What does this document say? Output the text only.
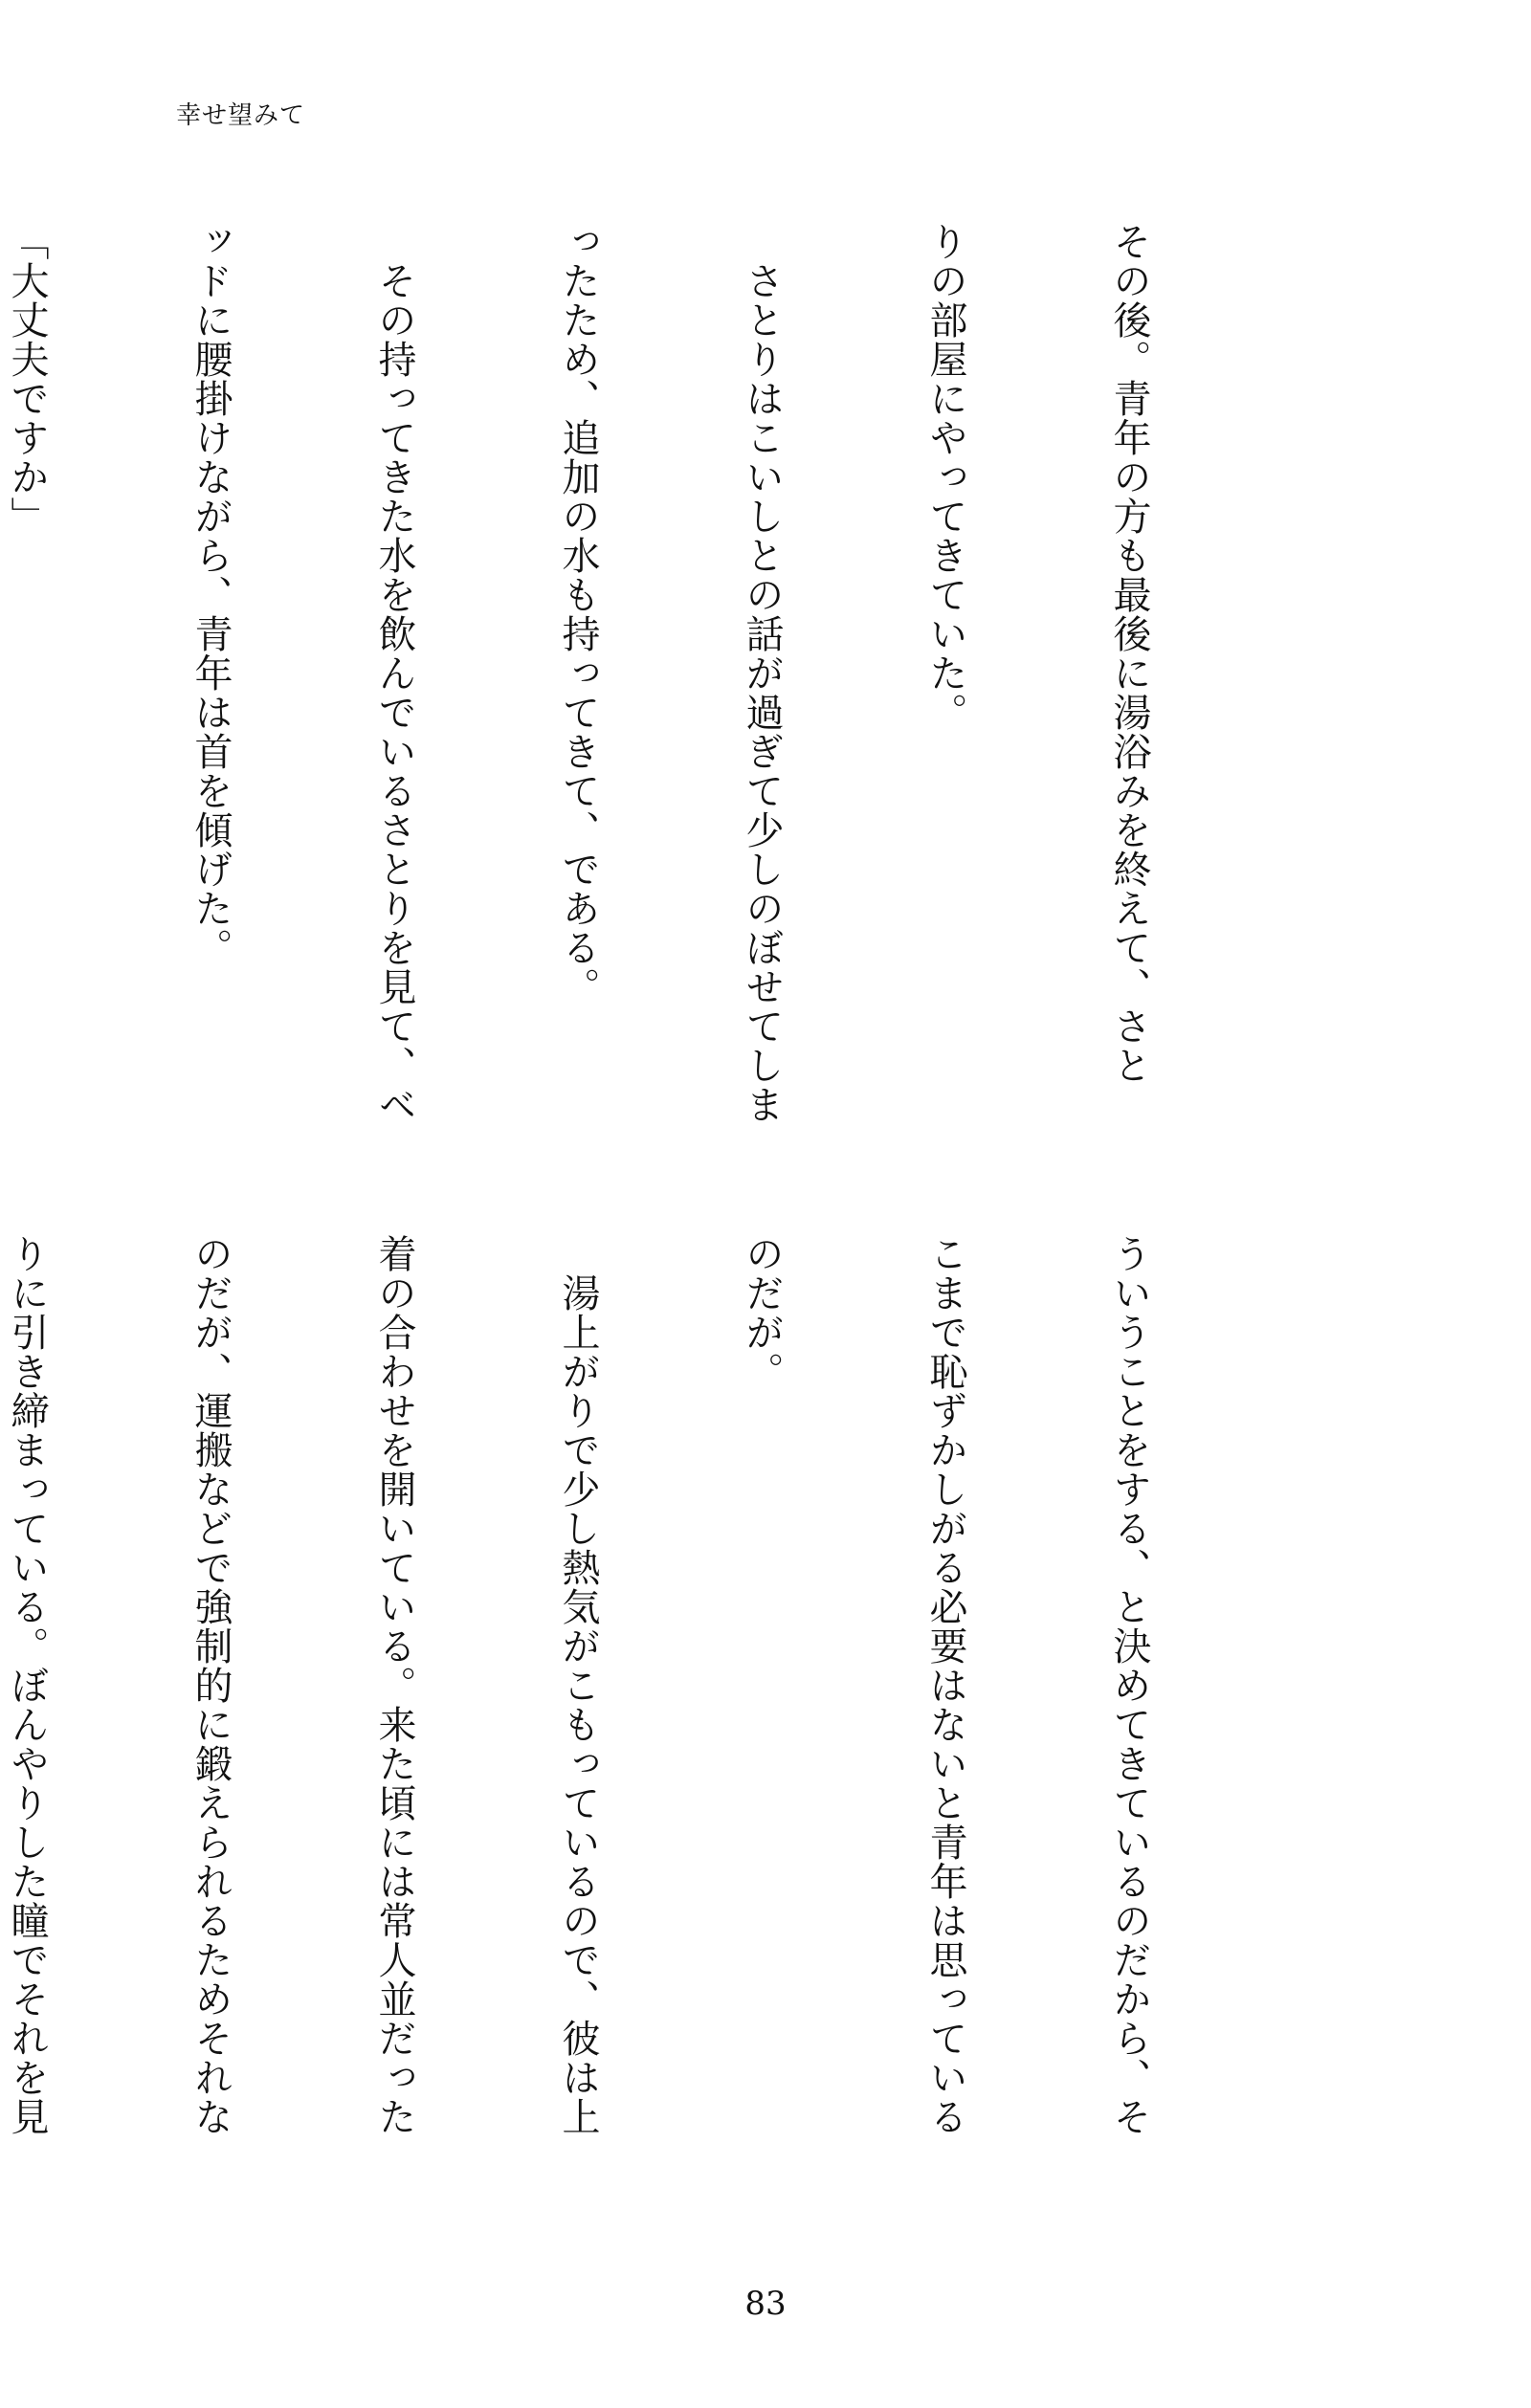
幸せ望みて

その後。青年の方も最後に湯浴みを終えて、さと

りの部屋にやってきていた。

　さとりはこいしとの話が過ぎて少しのぼせてしま

ったため、追加の水も持ってきて、である。

　その持ってきた水を飲んでいるさとりを見て、ベ

ッドに腰掛けながら、青年は首を傾げた。

「大丈夫ですか」

ういうことをする、と決めてきているのだから、そ

こまで恥ずかしがる必要はないと青年は思っている

のだが。

　湯上がりで少し熱気がこもっているので、彼は上

着の合わせを開いている。来た頃には常人並だった

のだが、運搬などで強制的に鍛えられるためそれな

りに引き締まっている。ぼんやりした瞳でそれを見

83
